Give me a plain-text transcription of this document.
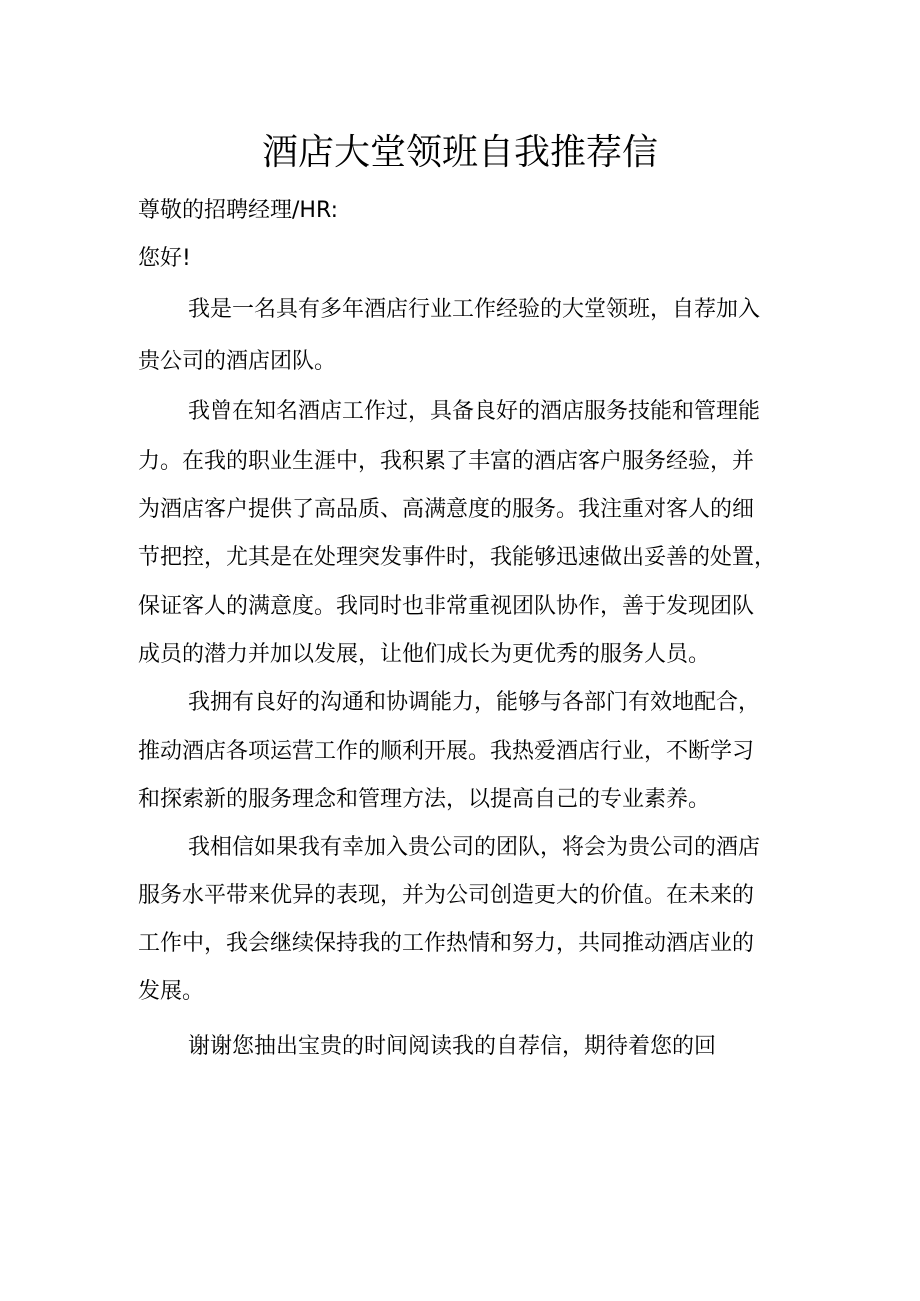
酒店大堂领班自我推荐信

尊敬的招聘经理/HR:

您好!

我是一名具有多年酒店行业工作经验的大堂领班，自荐加入

贵公司的酒店团队。

我曾在知名酒店工作过，具备良好的酒店服务技能和管理能

力。在我的职业生涯中，我积累了丰富的酒店客户服务经验，并

为酒店客户提供了高品质、高满意度的服务。我注重对客人的细

节把控，尤其是在处理突发事件时，我能够迅速做出妥善的处置，

保证客人的满意度。我同时也非常重视团队协作，善于发现团队

成员的潜力并加以发展，让他们成长为更优秀的服务人员。

我拥有良好的沟通和协调能力，能够与各部门有效地配合，

推动酒店各项运营工作的顺利开展。我热爱酒店行业，不断学习

和探索新的服务理念和管理方法，以提高自己的专业素养。

我相信如果我有幸加入贵公司的团队，将会为贵公司的酒店

服务水平带来优异的表现，并为公司创造更大的价值。在未来的

工作中，我会继续保持我的工作热情和努力，共同推动酒店业的

发展。

谢谢您抽出宝贵的时间阅读我的自荐信，期待着您的回
